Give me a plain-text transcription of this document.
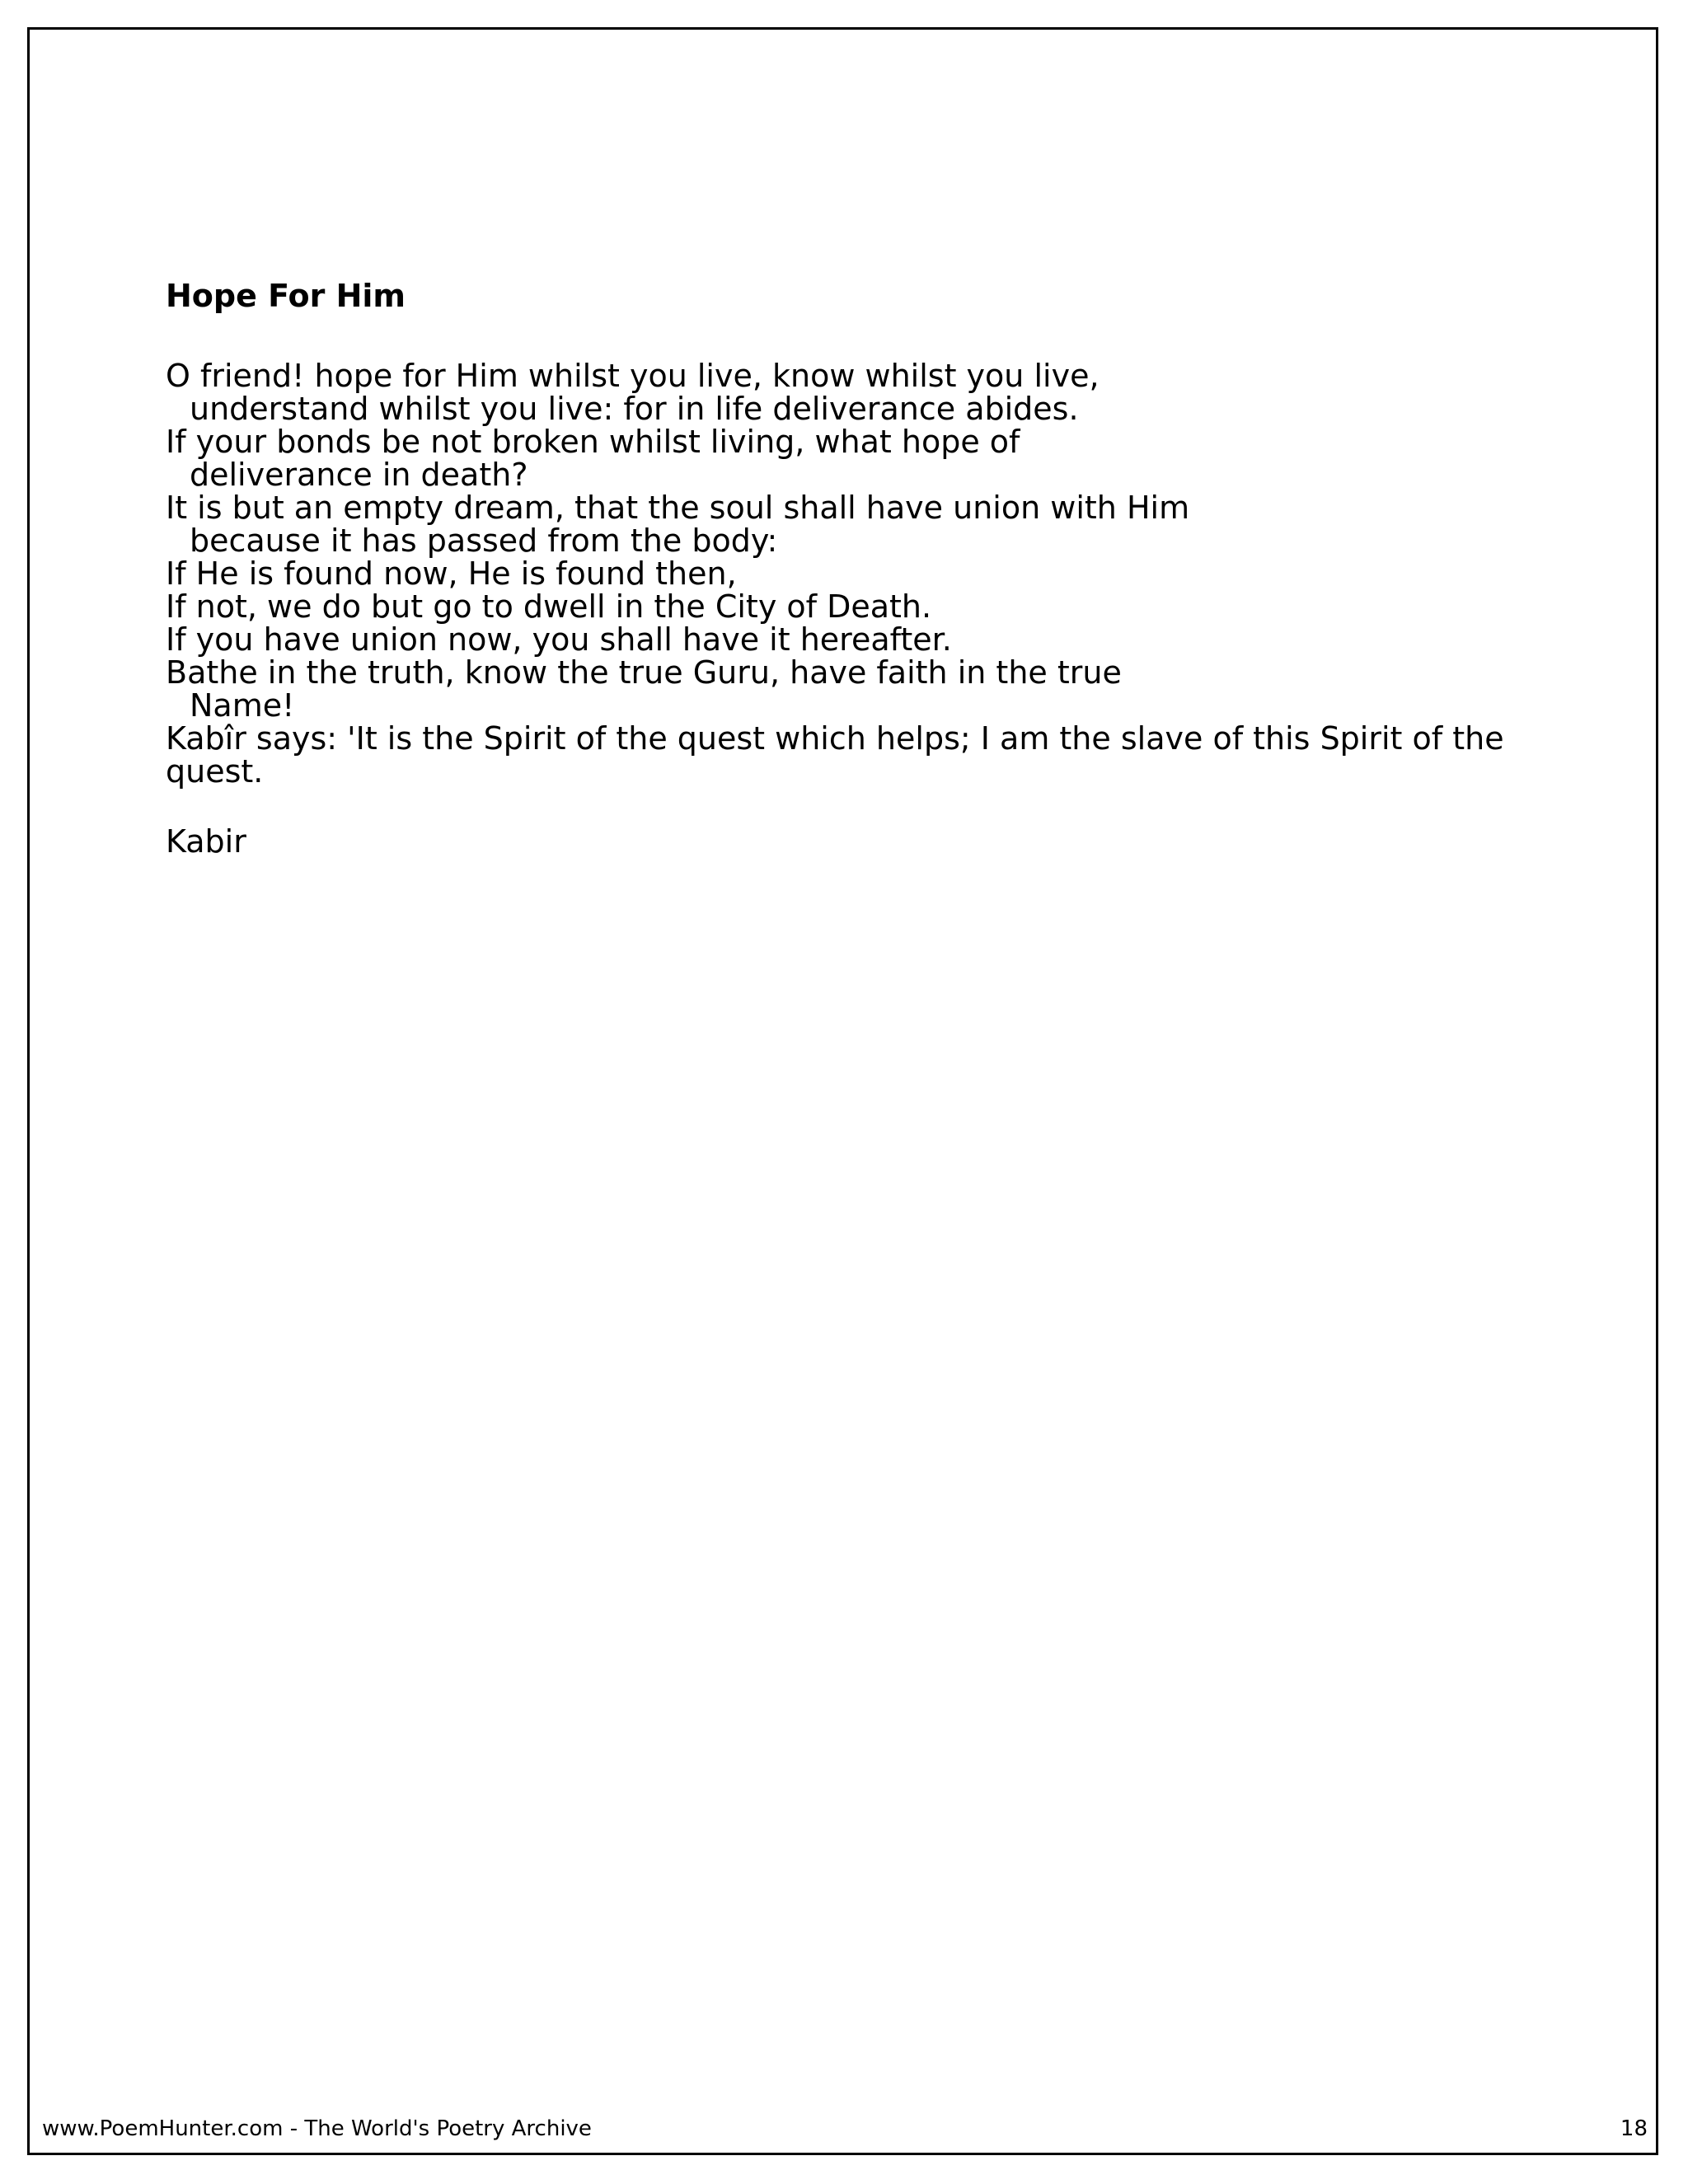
Hope For Him
O friend! hope for Him whilst you live, know whilst you live,
understand whilst you live: for in life deliverance abides.
If your bonds be not broken whilst living, what hope of
deliverance in death?
It is but an empty dream, that the soul shall have union with Him
because it has passed from the body:
If He is found now, He is found then,
If not, we do but go to dwell in the City of Death.
If you have union now, you shall have it hereafter.
Bathe in the truth, know the true Guru, have faith in the true
Name!
Kabîr says: 'It is the Spirit of the quest which helps; I am the slave of this Spirit of the
quest.
Kabir
www.PoemHunter.com - The World's Poetry Archive	18
